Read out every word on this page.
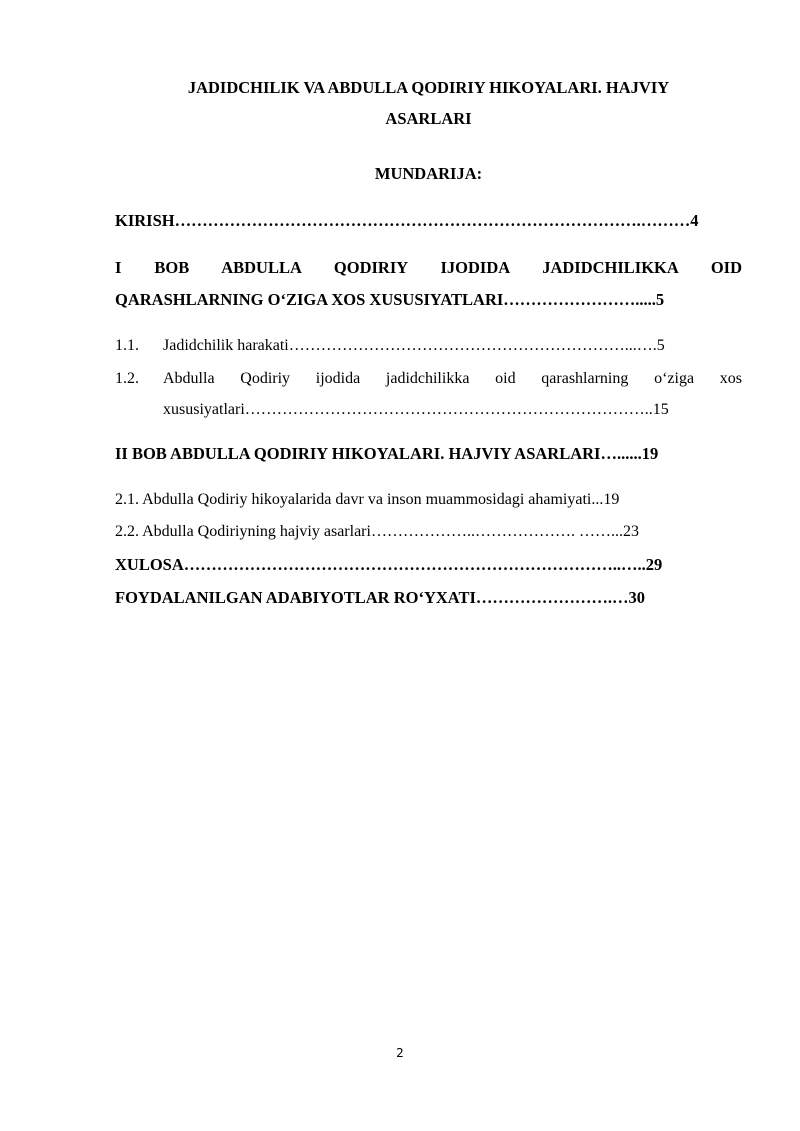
JADIDCHILIK VA ABDULLA QODIRIY HIKOYALARI. HAJVIY
ASARLARI
MUNDARIJA:
KIRISH………………………………………………………………………….………4
I BOB ABDULLA QODIRIY IJODIDA JADIDCHILIKKA OID
QARASHLARNING O‘ZIGA XOS XUSUSIYATLARI…………………….....5
1.1. Jadidchilik harakati………………………………………………………...….5
1.2.	Abdulla Qodiriy ijodida jadidchilikka oid qarashlarning o‘ziga xos
xususiyatlari…………………………………………………………………..15
II BOB ABDULLA QODIRIY HIKOYALARI. HAJVIY ASARLARI…......19
2.1. Abdulla Qodiriy hikoyalarida davr va inson muammosidagi ahamiyati...19
2.2. Abdulla Qodiriyning hajviy asarlari………………..………………. ……...23
XULOSA……………………………………………………………………..…..29
FOYDALANILGAN ADABIYOTLAR RO‘YXATI…………………….…30
2
